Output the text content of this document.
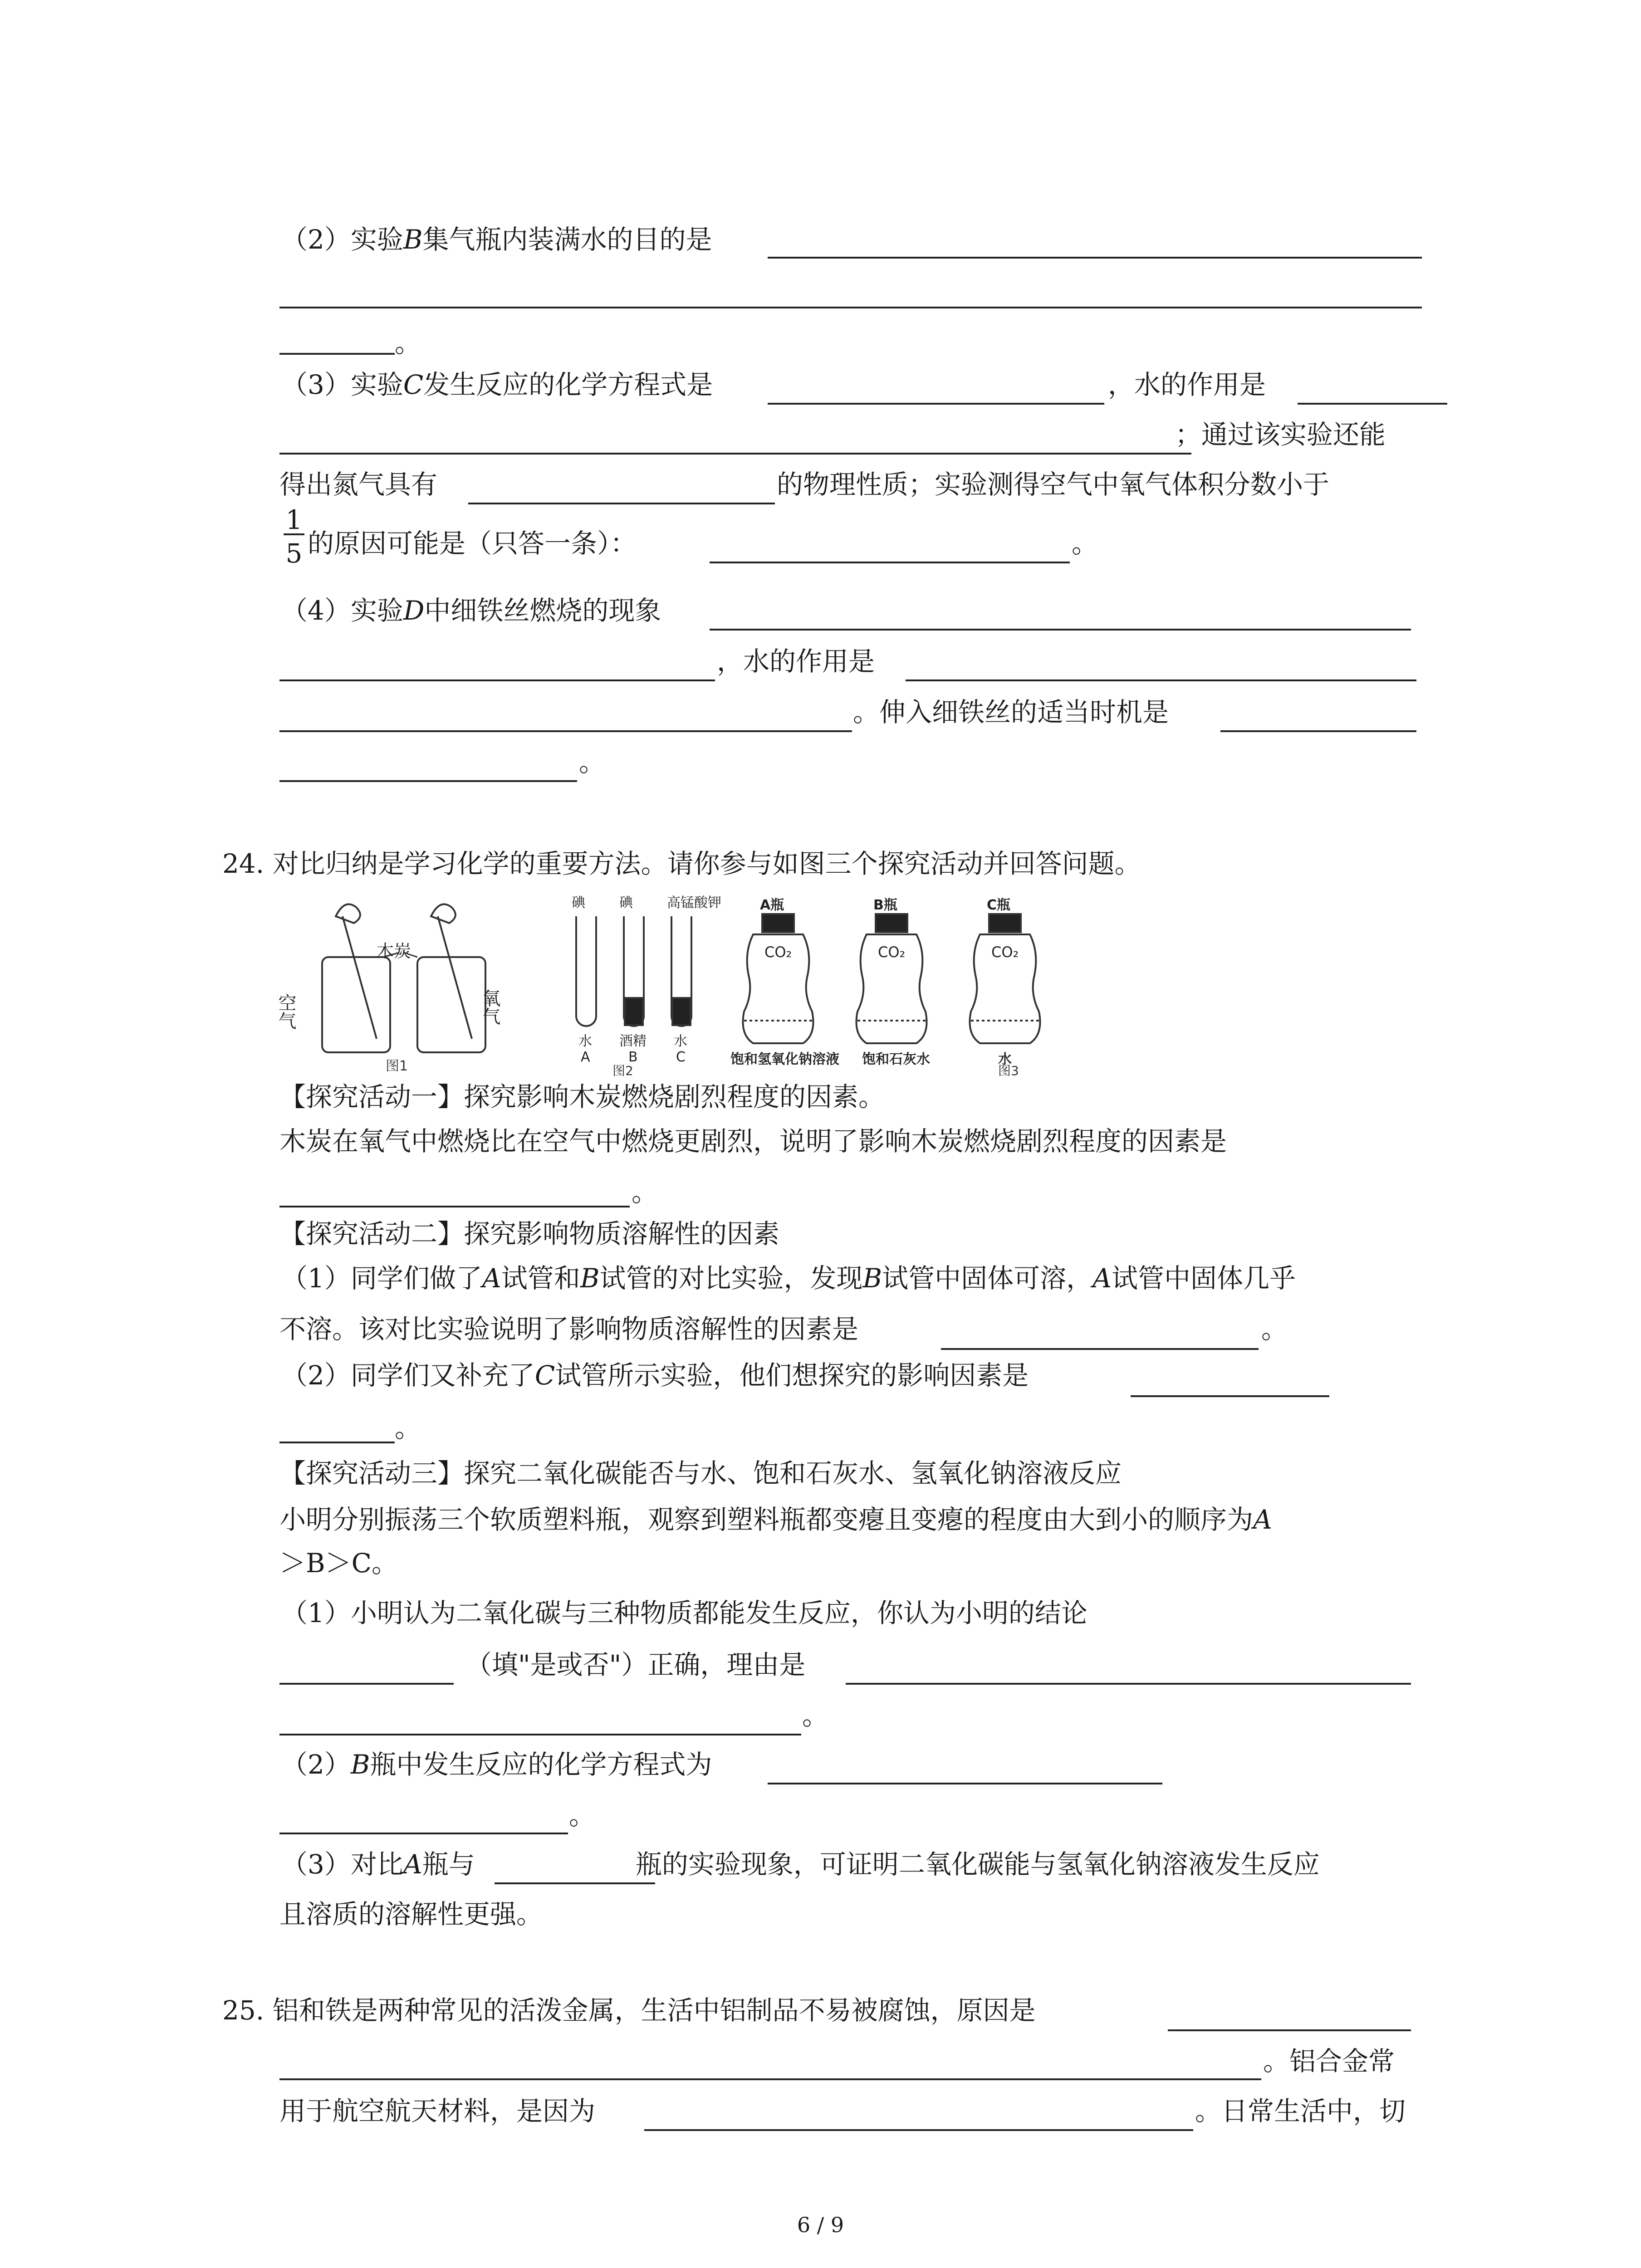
（2）实验B集气瓶内装满水的目的是
。
（3）实验C发生反应的化学方程式是	，水的作用是
；通过该实验还能
得出氮气具有	的物理性质；实验测得空气中氧气体积分数小于
1
5 的原因可能是（只答一条）：	。
（4）实验D中细铁丝燃烧的现象
，水的作用是
。伸入细铁丝的适当时机是
。
24. 对比归纳是学习化学的重要方法。请你参与如图三个探究活动并回答问题。
空气
木炭
氧气
图1
碘	碘	高锰酸钾
水 酒精 水
A	B	C
图2
A瓶	B瓶	C瓶
CO₂	CO₂	CO₂
饱和氢氧化钠溶液 饱和石灰水	水
图3
【探究活动一】探究影响木炭燃烧剧烈程度的因素。
木炭在氧气中燃烧比在空气中燃烧更剧烈，说明了影响木炭燃烧剧烈程度的因素是
。
【探究活动二】探究影响物质溶解性的因素
（1）同学们做了A试管和B试管的对比实验，发现B试管中固体可溶，A试管中固体几乎
不溶。该对比实验说明了影响物质溶解性的因素是	。
（2）同学们又补充了C试管所示实验，他们想探究的影响因素是
。
【探究活动三】探究二氧化碳能否与水、饱和石灰水、氢氧化钠溶液反应
小明分别振荡三个软质塑料瓶，观察到塑料瓶都变瘪且变瘪的程度由大到小的顺序为A
＞B＞C。
（1）小明认为二氧化碳与三种物质都能发生反应，你认为小明的结论
（填"是或否"）正确，理由是
。
（2）B瓶中发生反应的化学方程式为
。
（3）对比A瓶与	瓶的实验现象，可证明二氧化碳能与氢氧化钠溶液发生反应
且溶质的溶解性更强。
25. 铝和铁是两种常见的活泼金属，生活中铝制品不易被腐蚀，原因是
。铝合金常
用于航空航天材料，是因为	。日常生活中，切
6 / 9
